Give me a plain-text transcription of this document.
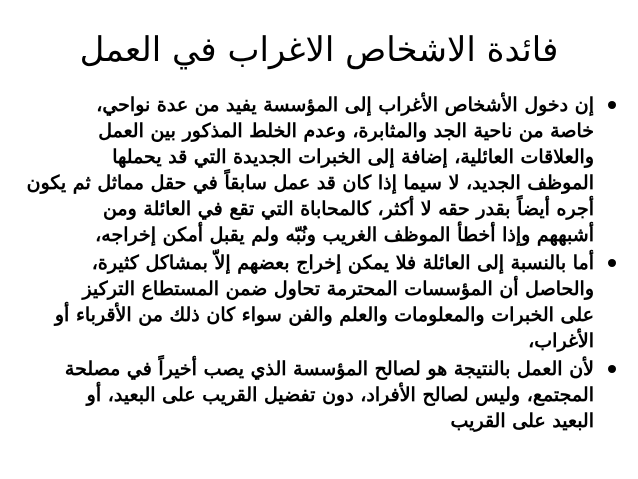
فائدة الاشخاص الاغراب في العمل
إن دخول الأشخاص الأغراب إلى المؤسسة يفيد من عدة نواحي،
خاصة من ناحية الجد والمثابرة، وعدم الخلط المذكور بين العمل
والعلاقات العائلية، إضافة إلى الخبرات الجديدة التي قد يحملها
الموظف الجديد، لا سيما إذا كان قد عمل سابقاً في حقل مماثل ثم يكون
أجره أيضاً بقدر حقه لا أكثر، كالمحاباة التي تقع في العائلة ومن
أشبههم وإذا أخطأ الموظف الغريب ونُبّه ولم يقبل أمكن إخراجه،
أما بالنسبة إلى العائلة فلا يمكن إخراج بعضهم إلاّ بمشاكل كثيرة،
والحاصل أن المؤسسات المحترمة تحاول ضمن المستطاع التركيز
على الخبرات والمعلومات والعلم والفن سواء كان ذلك من الأقرباء أو
الأغراب،
لأن العمل بالنتيجة هو لصالح المؤسسة الذي يصب أخيراً في مصلحة
المجتمع، وليس لصالح الأفراد، دون تفضيل القريب على البعيد، أو
البعيد على القريب
